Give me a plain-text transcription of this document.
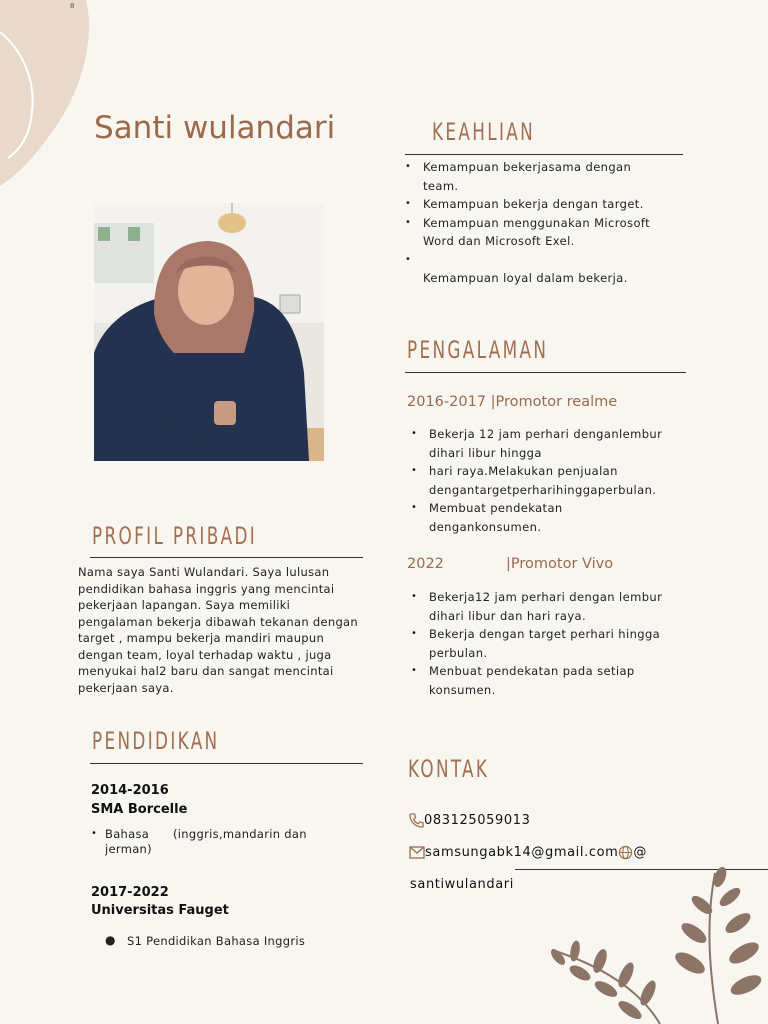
8
Santi wulandari	KEAHLIAN
• Kemampuan bekerjasama dengan team.
• Kemampuan bekerja dengan target.
• Kemampuan menggunakan Microsoft Word dan Microsoft Exel.
•
Kemampuan loyal dalam bekerja.
PENGALAMAN
2016-2017 |Promotor realme
• Bekerja 12 jam perhari denganlembur dihari libur hingga
• hari raya.Melakukan penjualan dengantargetperharihinggaperbulan.
• Membuat pendekatan dengankonsumen.
2022	|Promotor Vivo
• Bekerja12 jam perhari dengan lembur dihari libur dan hari raya.
• Bekerja dengan target perhari hingga perbulan.
• Menbuat pendekatan pada setiap konsumen.
PROFIL PRIBADI
Nama saya Santi Wulandari. Saya lulusan pendidikan bahasa inggris yang mencintai pekerjaan lapangan. Saya memiliki pengalaman bekerja dibawah tekanan dengan target , mampu bekerja mandiri maupun dengan team, loyal terhadap waktu , juga menyukai hal2 baru dan sangat mencintai pekerjaan saya.
PENDIDIKAN
2014-2016
SMA Borcelle
• Bahasa (inggris,mandarin dan
jerman)
2017-2022
Universitas Fauget
● S1 Pendidikan Bahasa Inggris
KONTAK
083125059013
samsungabk14@gmail.com @
santiwulandari
